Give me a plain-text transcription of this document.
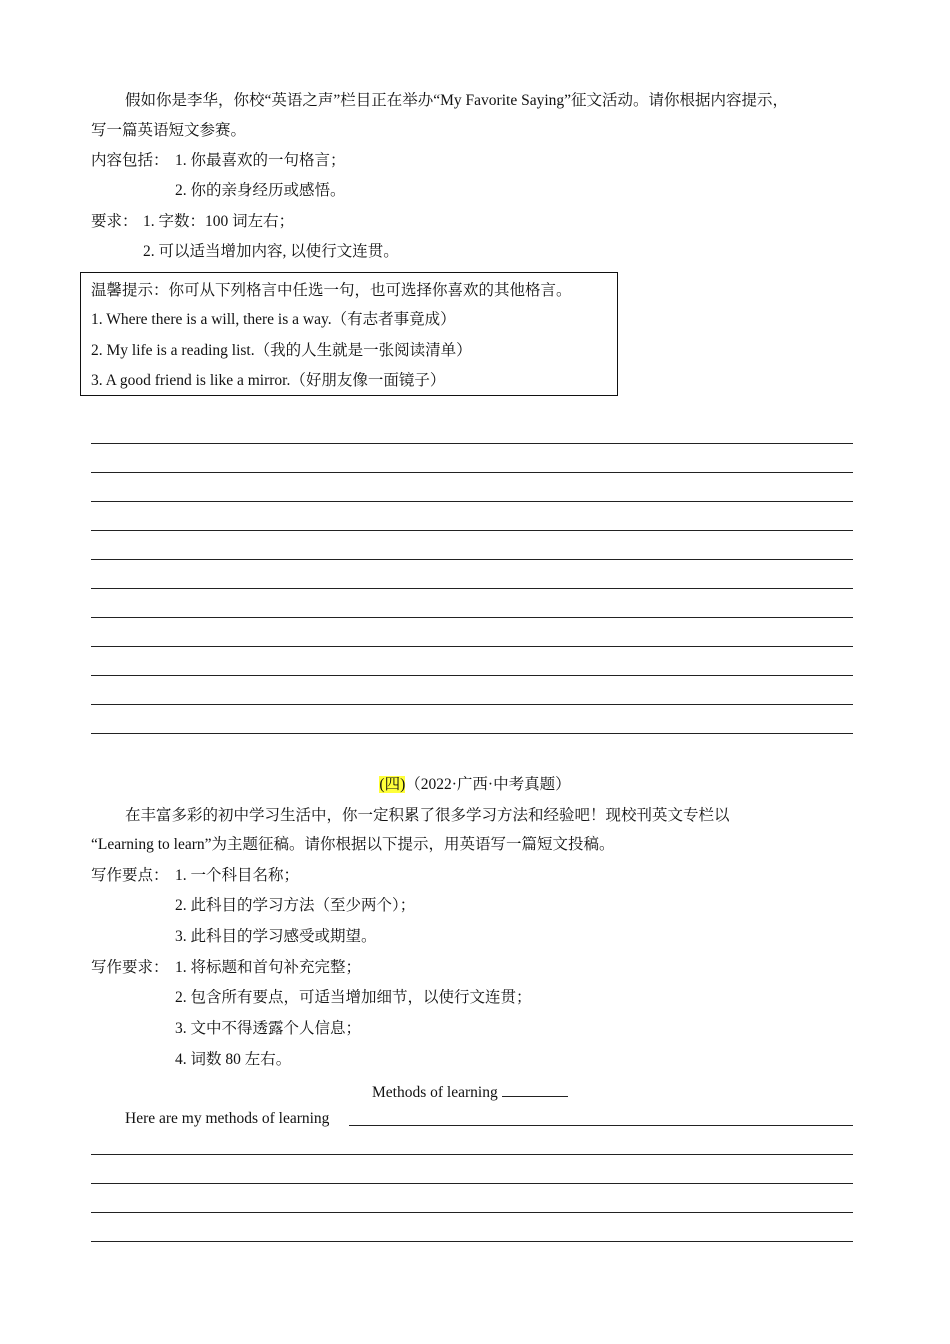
假如你是李华，你校“英语之声”栏目正在举办“My Favorite Saying”征文活动。请你根据内容提示，
写一篇英语短文参赛。
内容包括： 1. 你最喜欢的一句格言；
2. 你的亲身经历或感悟。
要求： 1. 字数：100 词左右；
2. 可以适当增加内容, 以使行文连贯。
温馨提示：你可从下列格言中任选一句，也可选择你喜欢的其他格言。
1. Where there is a will, there is a way.（有志者事竟成）
2. My life is a reading list.（我的人生就是一张阅读清单）
3. A good friend is like a mirror.（好朋友像一面镜子）
(四)（2022·广西·中考真题）
在丰富多彩的初中学习生活中，你一定积累了很多学习方法和经验吧！现校刊英文专栏以
“Learning to learn”为主题征稿。请你根据以下提示，用英语写一篇短文投稿。
写作要点： 1. 一个科目名称；
2. 此科目的学习方法（至少两个）；
3. 此科目的学习感受或期望。
写作要求： 1. 将标题和首句补充完整；
2. 包含所有要点，可适当增加细节，以使行文连贯；
3. 文中不得透露个人信息；
4. 词数 80 左右。
Methods of learning
Here are my methods of learning
